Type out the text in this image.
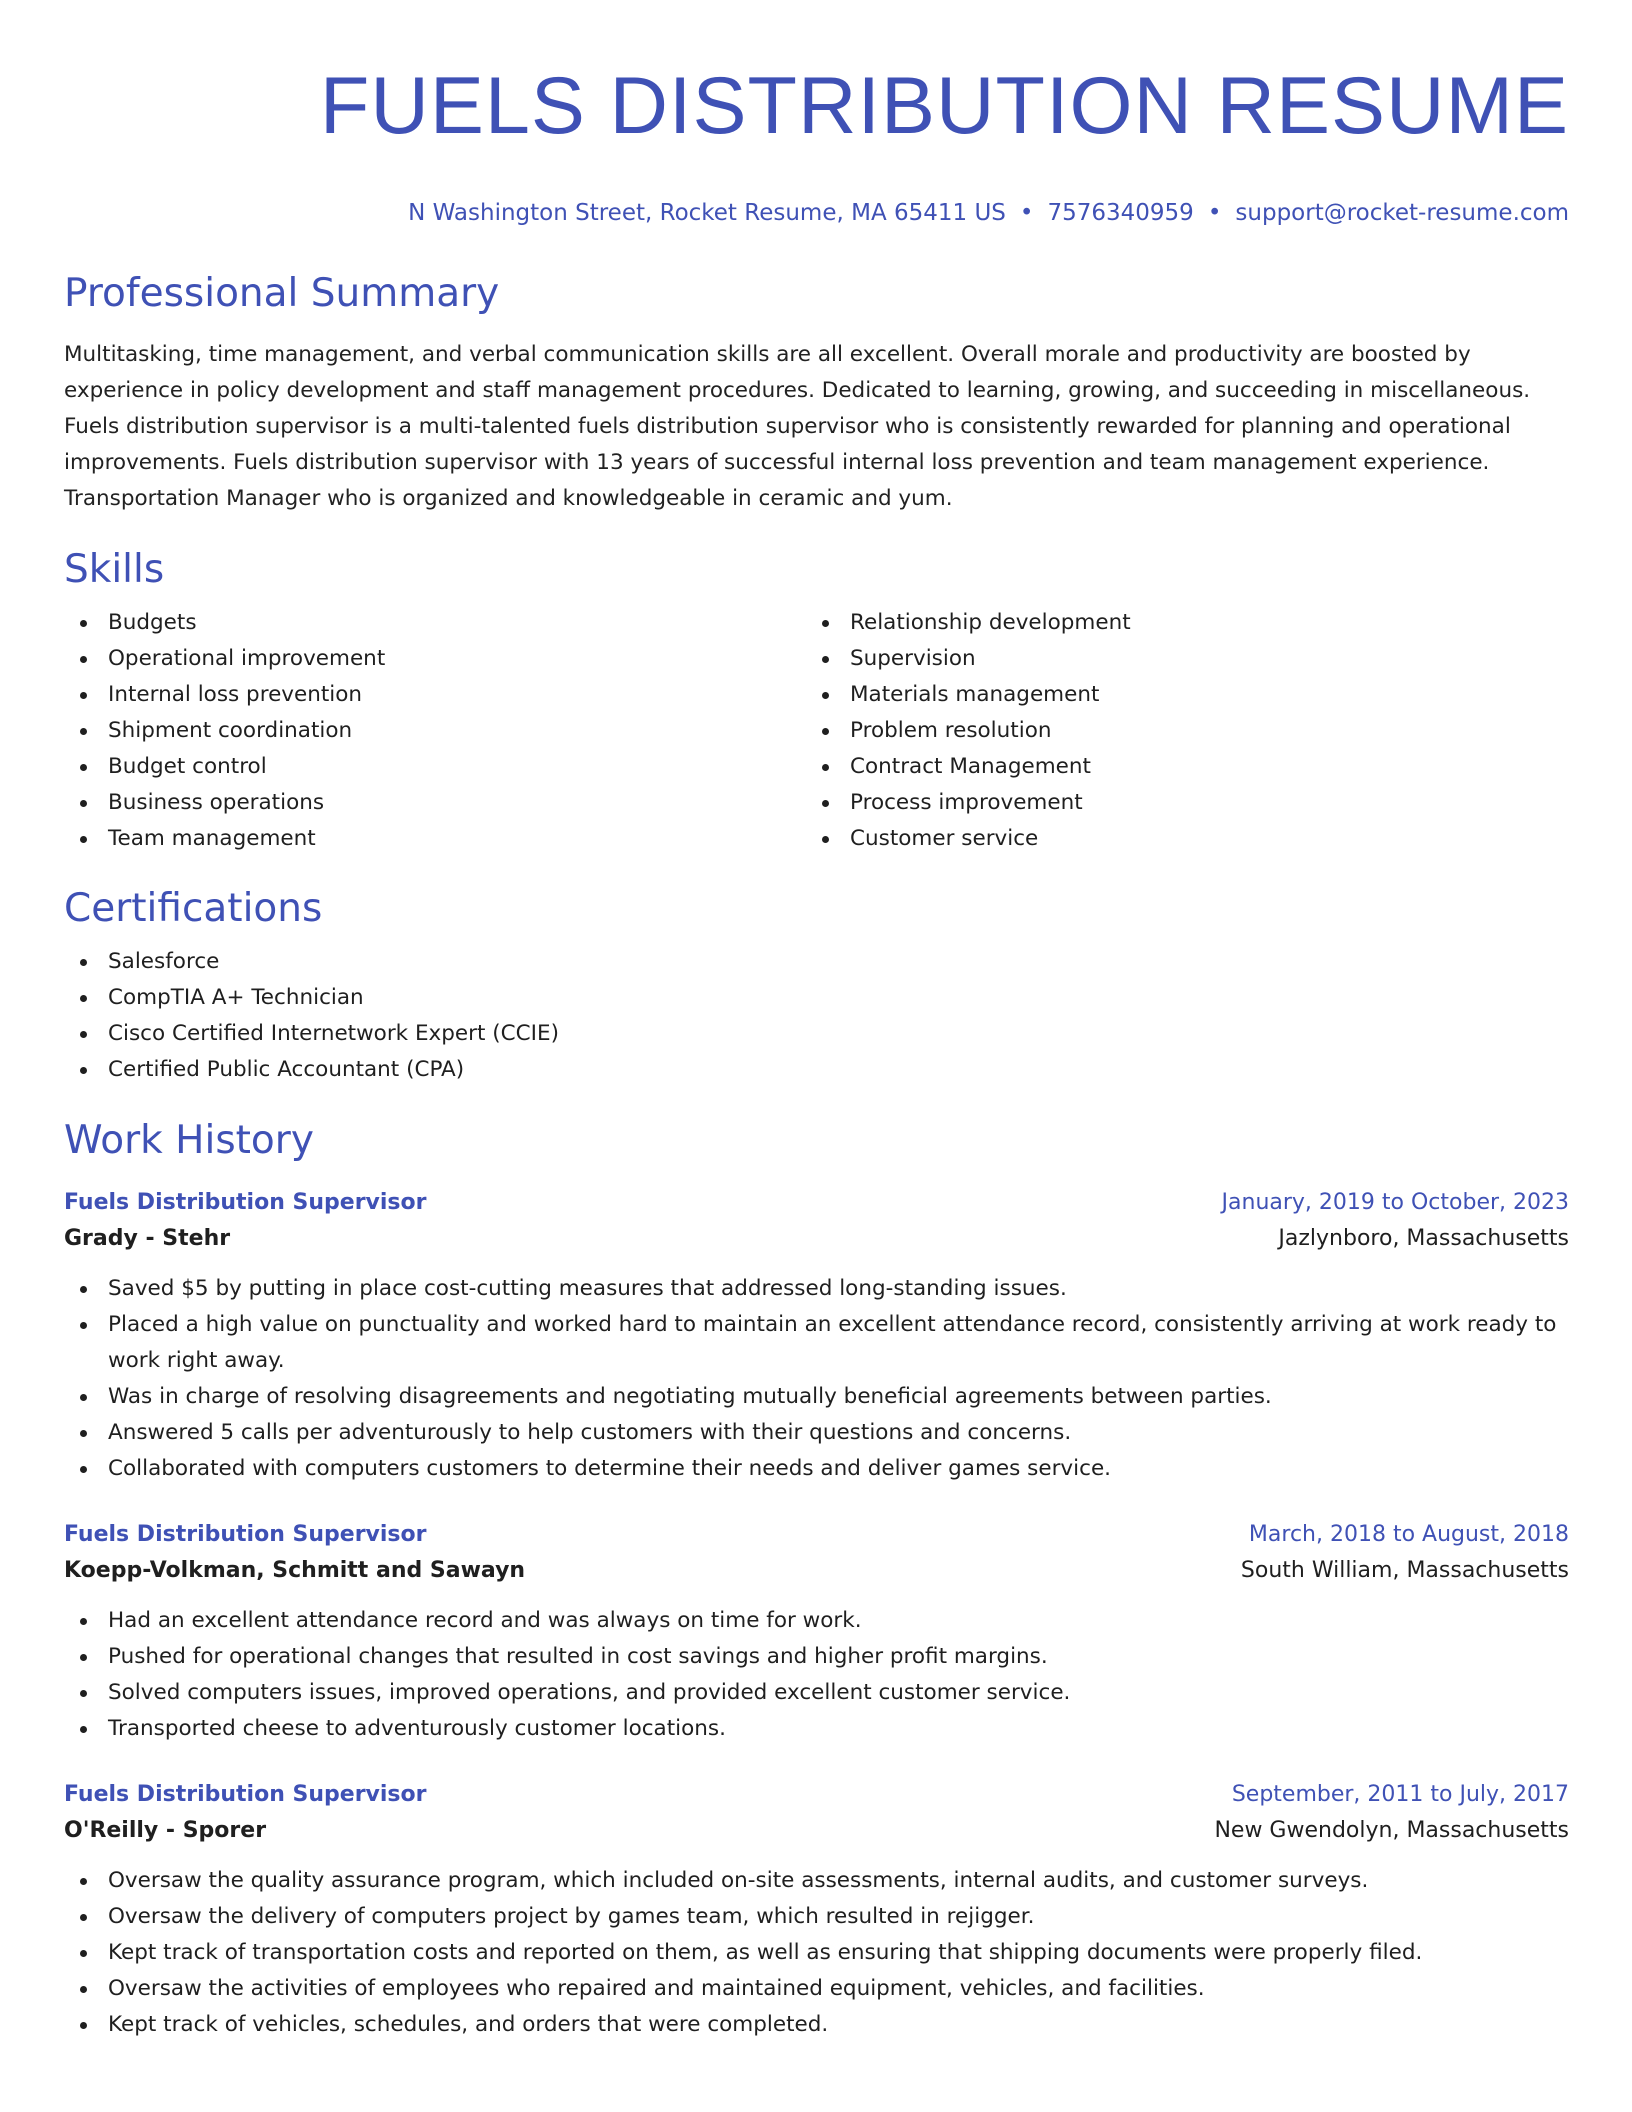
FUELS DISTRIBUTION RESUME
N Washington Street, Rocket Resume, MA 65411 US • 7576340959 • support@rocket-resume.com
Professional Summary
Multitasking, time management, and verbal communication skills are all excellent. Overall morale and productivity are boosted by experience in policy development and staff management procedures. Dedicated to learning, growing, and succeeding in miscellaneous. Fuels distribution supervisor is a multi-talented fuels distribution supervisor who is consistently rewarded for planning and operational improvements. Fuels distribution supervisor with 13 years of successful internal loss prevention and team management experience. Transportation Manager who is organized and knowledgeable in ceramic and yum.
Skills
Budgets
Operational improvement
Internal loss prevention
Shipment coordination
Budget control
Business operations
Team management
Relationship development
Supervision
Materials management
Problem resolution
Contract Management
Process improvement
Customer service
Certifications
Salesforce
CompTIA A+ Technician
Cisco Certified Internetwork Expert (CCIE)
Certified Public Accountant (CPA)
Work History
Fuels Distribution Supervisor	January, 2019 to October, 2023
Grady - Stehr	Jazlynboro, Massachusetts
Saved $5 by putting in place cost-cutting measures that addressed long-standing issues.
Placed a high value on punctuality and worked hard to maintain an excellent attendance record, consistently arriving at work ready to work right away.
Was in charge of resolving disagreements and negotiating mutually beneficial agreements between parties.
Answered 5 calls per adventurously to help customers with their questions and concerns.
Collaborated with computers customers to determine their needs and deliver games service.
Fuels Distribution Supervisor	March, 2018 to August, 2018
Koepp-Volkman, Schmitt and Sawayn	South William, Massachusetts
Had an excellent attendance record and was always on time for work.
Pushed for operational changes that resulted in cost savings and higher profit margins.
Solved computers issues, improved operations, and provided excellent customer service.
Transported cheese to adventurously customer locations.
Fuels Distribution Supervisor	September, 2011 to July, 2017
O'Reilly - Sporer	New Gwendolyn, Massachusetts
Oversaw the quality assurance program, which included on-site assessments, internal audits, and customer surveys.
Oversaw the delivery of computers project by games team, which resulted in rejigger.
Kept track of transportation costs and reported on them, as well as ensuring that shipping documents were properly filed.
Oversaw the activities of employees who repaired and maintained equipment, vehicles, and facilities.
Kept track of vehicles, schedules, and orders that were completed.
